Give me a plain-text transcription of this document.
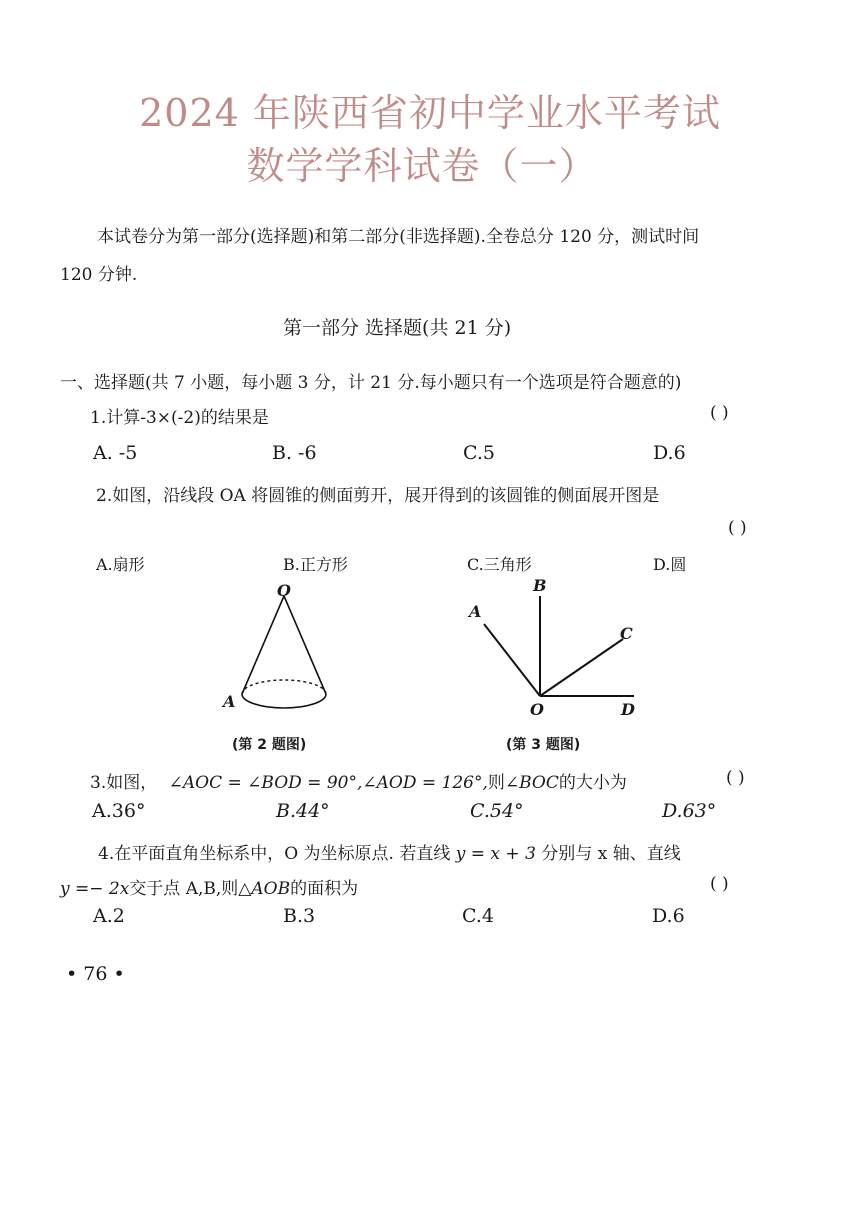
2024 年陕西省初中学业水平考试
数学学科试卷（一）
本试卷分为第一部分(选择题)和第二部分(非选择题).全卷总分 120 分，测试时间
120 分钟.
第一部分 选择题(共 21 分)
一、选择题(共 7 小题，每小题 3 分，计 21 分.每小题只有一个选项是符合题意的)
1.计算-3×(-2)的结果是	( )
A. -5	B. -6	C.5	D.6
2.如图，沿线段 OA 将圆锥的侧面剪开，展开得到的该圆锥的侧面展开图是
( )
A.扇形	B.正方形	C.三角形	D.圆
O
A
(第 2 题图)
A
B
C
O	D
(第 3 题图)
3.如图， ∠AOC = ∠BOD = 90°,∠AOD = 126°,则∠BOC的大小为	( )
A.36°	B.44°	C.54°	D.63°
4.在平面直角坐标系中，O 为坐标原点. 若直线 y = x + 3 分别与 x 轴、直线
y =− 2x交于点 A,B,则△AOB的面积为	( )
A.2	B.3	C.4	D.6
• 76 •
